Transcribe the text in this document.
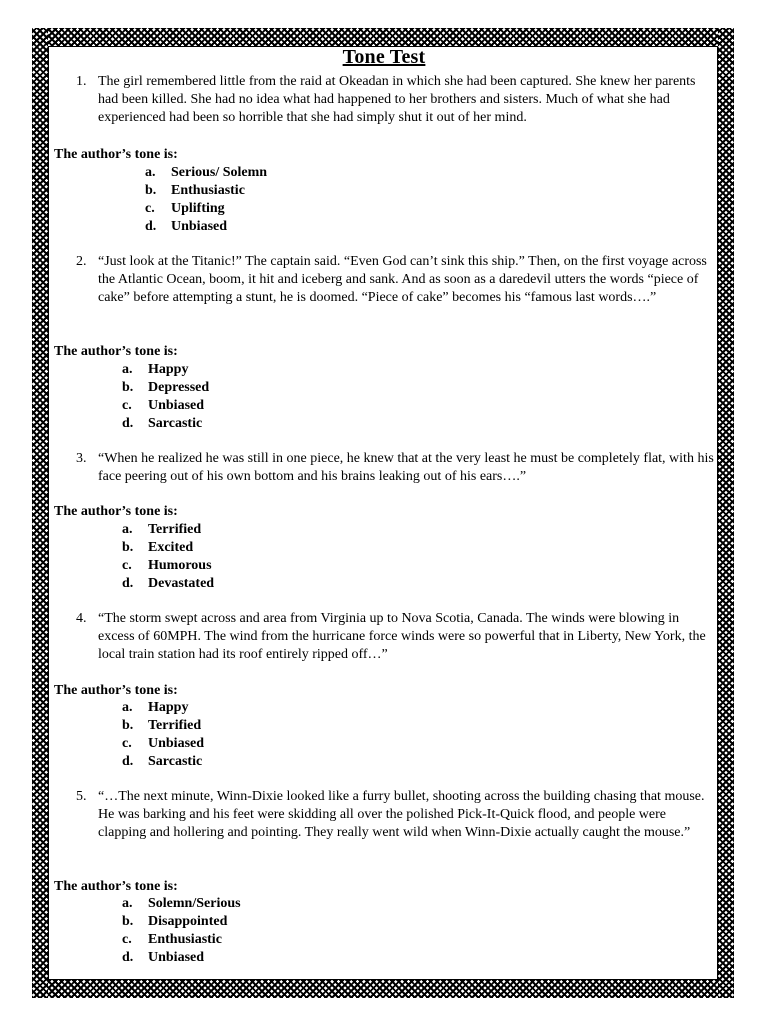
Tone Test
1. The girl remembered little from the raid at Okeadan in which she had been captured. She knew her parents had been killed. She had no idea what had happened to her brothers and sisters. Much of what she had experienced had been so horrible that she had simply shut it out of her mind.

The author’s tone is:

a. Serious/ Solemn
b. Enthusiastic
c. Uplifting
d. Unbiased
2. “Just look at the Titanic!” The captain said. “Even God can’t sink this ship.” Then, on the first voyage across the Atlantic Ocean, boom, it hit and iceberg and sank. And as soon as a daredevil utters the words “piece of cake” before attempting a stunt, he is doomed. “Piece of cake” becomes his “famous last words….”

The author’s tone is:

a. Happy
b. Depressed
c. Unbiased
d. Sarcastic
3. “When he realized he was still in one piece, he knew that at the very least he must be completely flat, with his face peering out of his own bottom and his brains leaking out of his ears….”

The author’s tone is:

a. Terrified
b. Excited
c. Humorous
d. Devastated
4. “The storm swept across and area from Virginia up to Nova Scotia, Canada. The winds were blowing in excess of 60MPH. The wind from the hurricane force winds were so powerful that in Liberty, New York, the local train station had its roof entirely ripped off…”

The author’s tone is:

a. Happy
b. Terrified
c. Unbiased
d. Sarcastic
5. “…The next minute, Winn-Dixie looked like a furry bullet, shooting across the building chasing that mouse. He was barking and his feet were skidding all over the polished Pick-It-Quick flood, and people were clapping and hollering and pointing. They really went wild when Winn-Dixie actually caught the mouse.”

The author’s tone is:

a. Solemn/Serious
b. Disappointed
c. Enthusiastic
d. Unbiased
